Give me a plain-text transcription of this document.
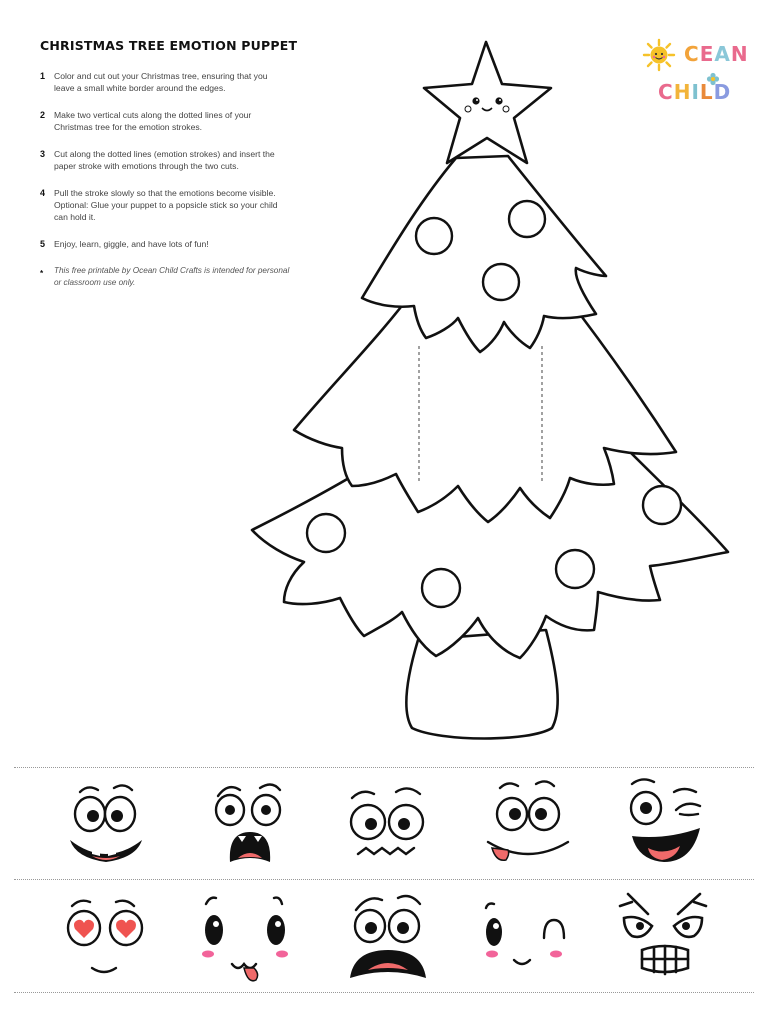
CHRISTMAS TREE EMOTION PUPPET
1	Color and cut out your Christmas tree, ensuring that you leave a small white border around the edges.
2	Make two vertical cuts along the dotted lines of your Christmas tree for the emotion strokes.
3	Cut along the dotted lines (emotion strokes) and insert the paper stroke with emotions through the two cuts.
4	Pull the stroke slowly so that the emotions become visible. Optional: Glue your puppet to a popsicle stick so your child can hold it.
5	Enjoy, learn, giggle, and have lots of fun!
*	This free printable by Ocean Child Crafts is intended for personal or classroom use only.
CEAN
CHILD
